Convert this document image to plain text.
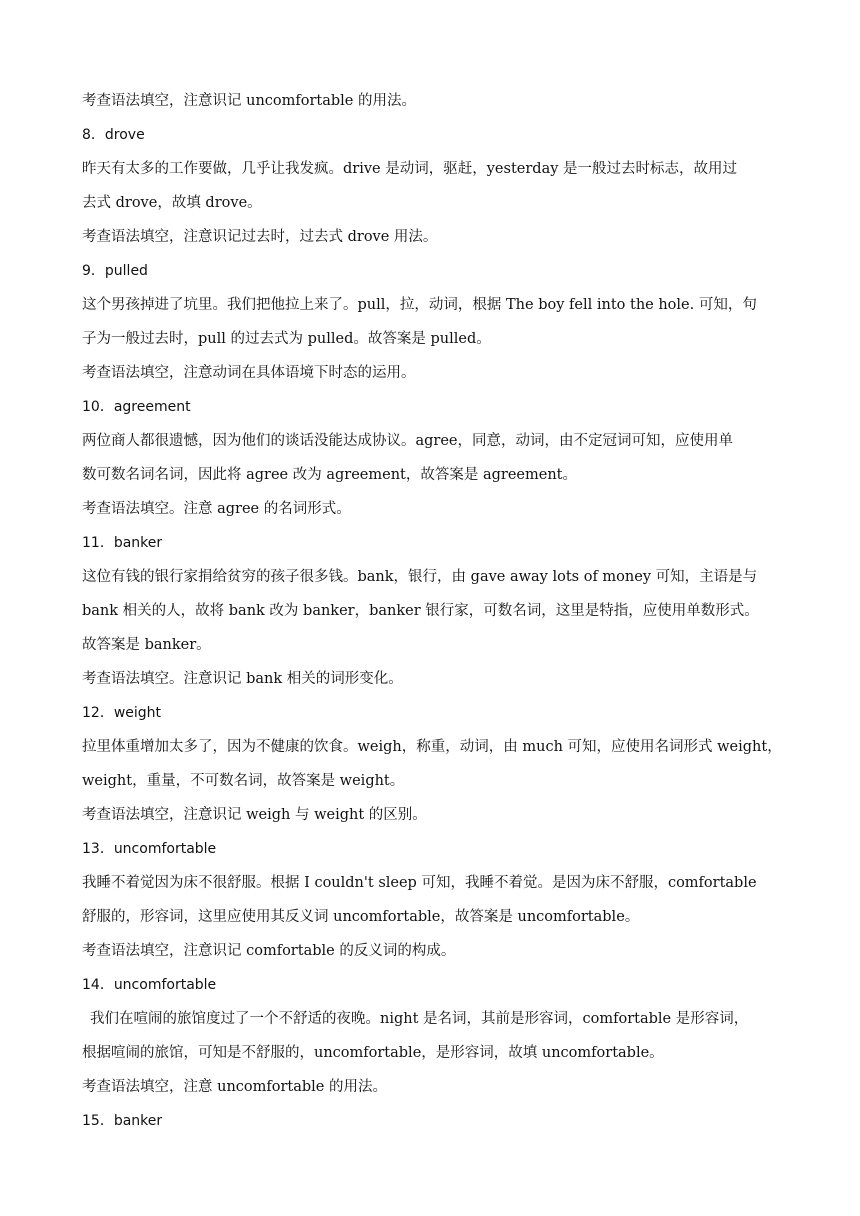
考查语法填空，注意识记 uncomfortable 的用法。
8．drove
昨天有太多的工作要做，几乎让我发疯。drive 是动词，驱赶，yesterday 是一般过去时标志，故用过
去式 drove，故填 drove。
考查语法填空，注意识记过去时，过去式 drove 用法。
9．pulled
这个男孩掉进了坑里。我们把他拉上来了。pull，拉，动词，根据 The boy fell into the hole. 可知，句
子为一般过去时，pull 的过去式为 pulled。故答案是 pulled。
考查语法填空，注意动词在具体语境下时态的运用。
10．agreement
两位商人都很遗憾，因为他们的谈话没能达成协议。agree，同意，动词，由不定冠词可知，应使用单
数可数名词名词，因此将 agree 改为 agreement，故答案是 agreement。
考查语法填空。注意 agree 的名词形式。
11．banker
这位有钱的银行家捐给贫穷的孩子很多钱。bank，银行，由 gave away lots of money 可知，主语是与
bank 相关的人，故将 bank 改为 banker，banker 银行家，可数名词，这里是特指，应使用单数形式。
故答案是 banker。
考查语法填空。注意识记 bank 相关的词形变化。
12．weight
拉里体重增加太多了，因为不健康的饮食。weigh，称重，动词，由 much 可知，应使用名词形式 weight，
weight，重量，不可数名词，故答案是 weight。
考查语法填空，注意识记 weigh 与 weight 的区别。
13．uncomfortable
我睡不着觉因为床不很舒服。根据 I couldn't sleep 可知，我睡不着觉。是因为床不舒服，comfortable
舒服的，形容词，这里应使用其反义词 uncomfortable，故答案是 uncomfortable。
考查语法填空，注意识记 comfortable 的反义词的构成。
14．uncomfortable
我们在喧闹的旅馆度过了一个不舒适的夜晚。night 是名词，其前是形容词，comfortable 是形容词，
根据喧闹的旅馆，可知是不舒服的，uncomfortable，是形容词，故填 uncomfortable。
考查语法填空，注意 uncomfortable 的用法。
15．banker
